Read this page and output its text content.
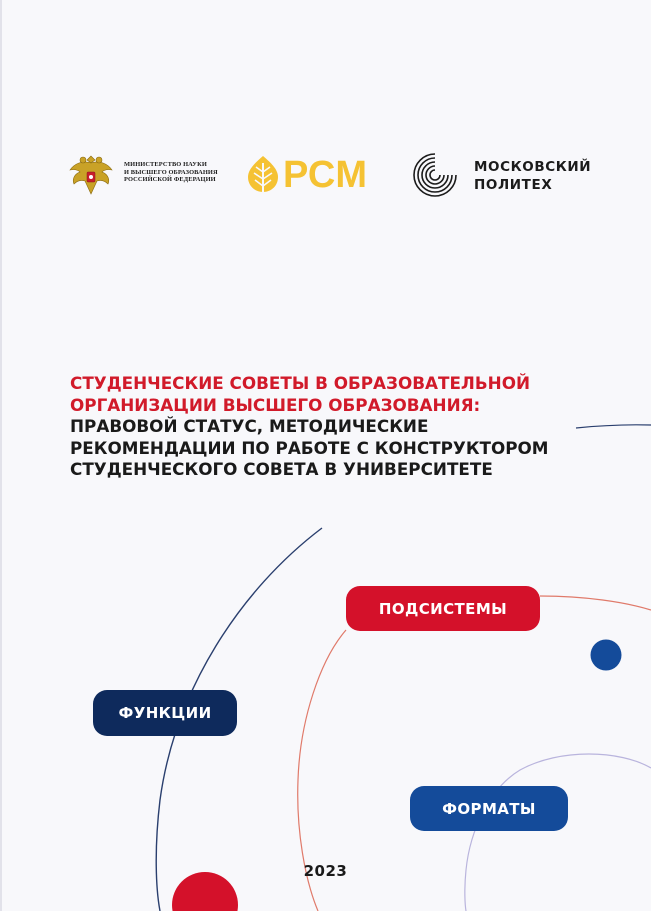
МИНИСТЕРСТВО НАУКИ
И ВЫСШЕГО ОБРАЗОВАНИЯ
РОССИЙСКОЙ ФЕДЕРАЦИИ	РСМ	МОСКОВСКИЙ
ПОЛИТЕХ
СТУДЕНЧЕСКИЕ СОВЕТЫ В ОБРАЗОВАТЕЛЬНОЙ
ОРГАНИЗАЦИИ ВЫСШЕГО ОБРАЗОВАНИЯ:
ПРАВОВОЙ СТАТУС, МЕТОДИЧЕСКИЕ
РЕКОМЕНДАЦИИ ПО РАБОТЕ С КОНСТРУКТОРОМ
СТУДЕНЧЕСКОГО СОВЕТА В УНИВЕРСИТЕТЕ
ПОДСИСТЕМЫ
ФУНКЦИИ
ФОРМАТЫ
2023
